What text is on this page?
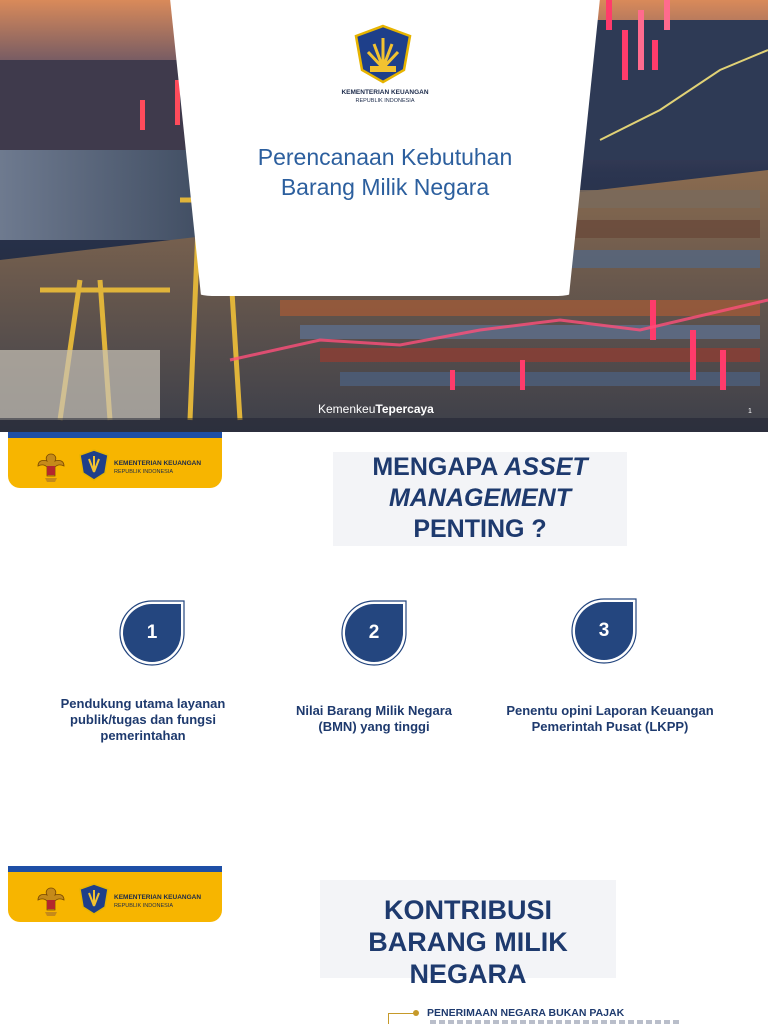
KEMENTERIAN KEUANGAN
REPUBLIK INDONESIA
Perencanaan Kebutuhan
Barang Milik Negara
KemenkeuTepercaya	1
KEMENTERIAN KEUANGAN
REPUBLIK INDONESIA	MENGAPA ASSET MANAGEMENT
PENTING ?
1	2	3
Pendukung utama layanan
publik/tugas dan fungsi
pemerintahan
Nilai Barang Milik Negara
(BMN) yang tinggi
Penentu opini Laporan Keuangan
Pemerintah Pusat (LKPP)
KEMENTERIAN KEUANGAN
REPUBLIK INDONESIA	KONTRIBUSI
BARANG MILIK
NEGARA
PENERIMAAN NEGARA BUKAN PAJAK
